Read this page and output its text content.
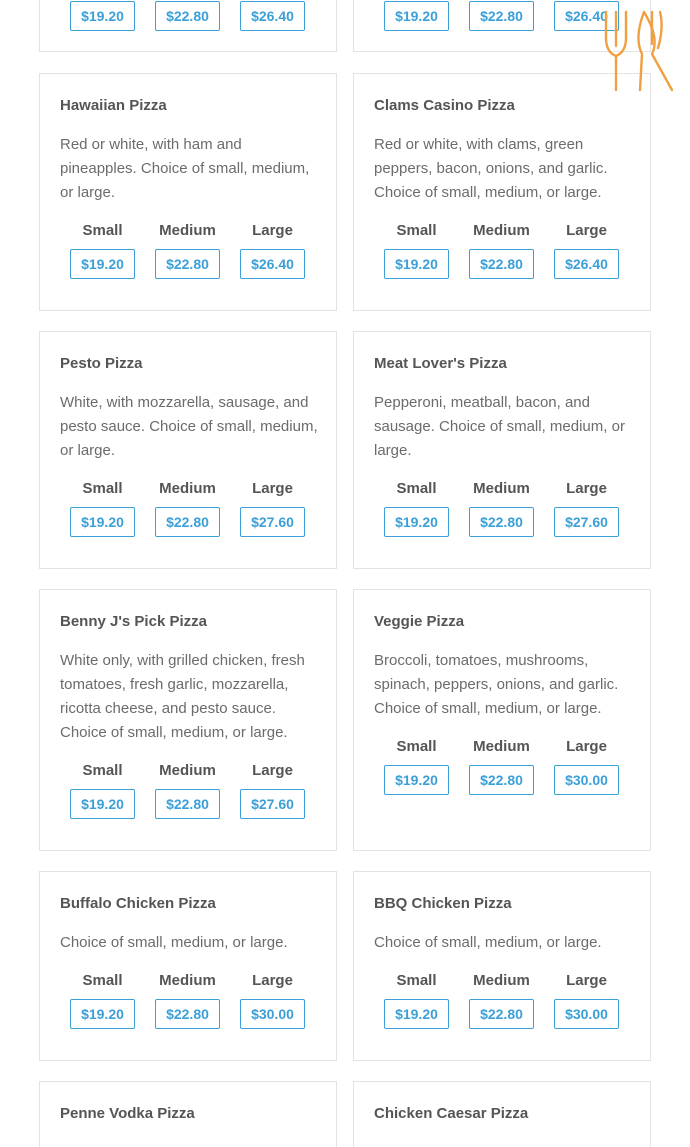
$19.20	$22.80	$26.40	$19.20	$22.80	$26.40
Hawaiian Pizza
Red or white, with ham and pineapples. Choice of small, medium, or large.
Small
$19.20
Medium
$22.80
Large
$26.40
Clams Casino Pizza
Red or white, with clams, green peppers, bacon, onions, and garlic. Choice of small, medium, or large.
Small
$19.20
Medium
$22.80
Large
$26.40
Pesto Pizza
White, with mozzarella, sausage, and pesto sauce. Choice of small, medium, or large.
Small
$19.20
Medium
$22.80
Large
$27.60
Meat Lover's Pizza
Pepperoni, meatball, bacon, and sausage. Choice of small, medium, or large.
Small
$19.20
Medium
$22.80
Large
$27.60
Benny J's Pick Pizza
White only, with grilled chicken, fresh tomatoes, fresh garlic, mozzarella, ricotta cheese, and pesto sauce. Choice of small, medium, or large.
Small
$19.20
Medium
$22.80
Large
$27.60
Veggie Pizza
Broccoli, tomatoes, mushrooms, spinach, peppers, onions, and garlic. Choice of small, medium, or large.
Small
$19.20
Medium
$22.80
Large
$30.00
Buffalo Chicken Pizza
Choice of small, medium, or large.
Small
$19.20
Medium
$22.80
Large
$30.00
BBQ Chicken Pizza
Choice of small, medium, or large.
Small
$19.20
Medium
$22.80
Large
$30.00
Penne Vodka Pizza	Chicken Caesar Pizza
